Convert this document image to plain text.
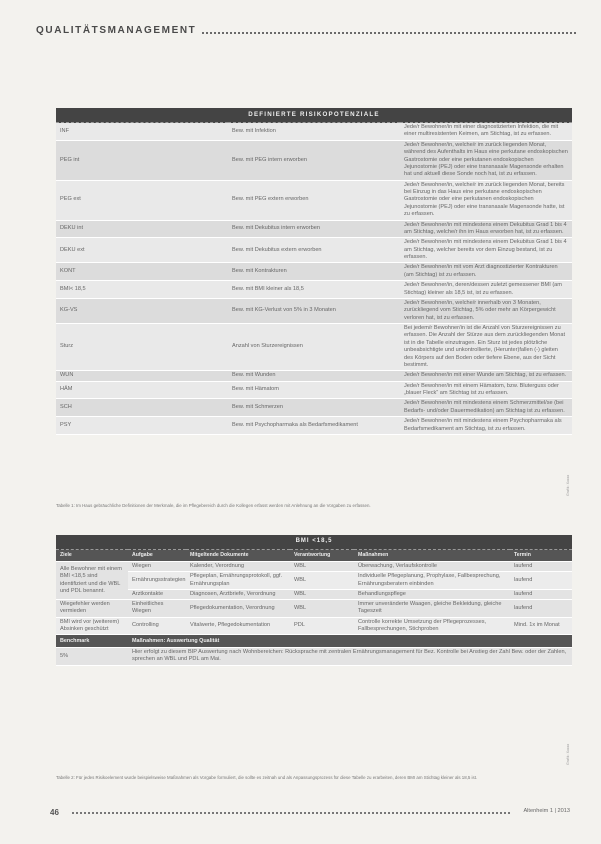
QUALITÄTSMANAGEMENT
DEFINIERTE RISIKOPOTENZIALE		
INF	Bew. mit Infektion	Jede/r Bewohner/in mit einer diagnostizierten Infektion, die mit einer multiresistenten Keimen, am Stichtag, ist zu erfassen.
PEG int	Bew. mit PEG intern erworben	Jede/r Bewohner/in, welche/r im zurück liegenden Monat, während des Aufenthalts im Haus eine perkutane endoskopischen Gastrostomie oder eine perkutanen endoskopischen Jejunostomie (PEJ) oder eine transnasale Magensonde erhalten hat und aktuell diese Sonde noch hat, ist zu erfassen.
PEG ext	Bew. mit PEG extern erworben	Jede/r Bewohner/in, welche/r im zurück liegenden Monat, bereits bei Einzug in das Haus eine perkutane endoskopischen Gastrostomie oder eine perkutanen endoskopischen Jejunostomie (PEJ) oder eine transnasale Magensonde hatte, ist zu erfassen.
DEKU int	Bew. mit Dekubitus intern erworben	Jede/r Bewohner/in mit mindestens einem Dekubitus Grad 1 bis 4 am Stichtag, welche/r ihn im Haus erworben hat, ist zu erfassen.
DEKU ext	Bew. mit Dekubitus extern erworben	Jede/r Bewohner/in mit mindestens einem Dekubitus Grad 1 bis 4 am Stichtag, welcher bereits vor dem Einzug bestand, ist zu erfassen.
KONT	Bew. mit Kontrakturen	Jede/r Bewohner/in mit vom Arzt diagnostizierter Kontrakturen (am Stichtag) ist zu erfassen.
BMI< 18,5	Bew. mit BMI kleiner als 18,5	Jede/r Bewohner/in, deren/dessen zuletzt gemessener BMI (am Stichtag) kleiner als 18,5 ist, ist zu erfassen.
KG-VS	Bew. mit KG-Verlust von 5% in 3 Monaten	Jede/r Bewohner/in, welche/r innerhalb von 3 Monaten, zurückliegend vom Stichtag, 5% oder mehr an Körpergewicht verloren hat, ist zu erfassen.
Sturz	Anzahl von Sturzereignissen	Bei jedem/r Bewohner/in ist die Anzahl von Sturzereignissen zu erfassen. Die Anzahl der Stürze aus dem zurückliegenden Monat ist in die Tabelle einzutragen. Ein Sturz ist jedes plötzliche unbeabsichtigte und unkontrollierte, (Herunter)fallen (-) gleiten des Körpers auf den Boden oder tiefere Ebene, aus der Sicht bestimmt.
WUN	Bew. mit Wunden	Jede/r Bewohner/in mit einer Wunde am Stichtag, ist zu erfassen.
HÄM	Bew. mit Hämatom	Jede/r Bewohner/in mit einem Hämatom, bzw. Bluterguss oder „blauer Fleck“ am Stichtag ist zu erfassen.
SCH	Bew. mit Schmerzen	Jede/r Bewohner/in mit mindestens einem Schmerzmittel/se (bei Bedarfs- und/oder Dauermedikation) am Stichtag ist zu erfassen.
PSY	Bew. mit Psychopharmaka als Bedarfsmedikament	Jede/r Bewohner/in mit mindestens einem Psychopharmaka als Bedarfsmedikament am Stichtag, ist zu erfassen.
Tabelle 1: Im Haus gebräuchliche Definitionen der Merkmale, die im Pflegebereich durch die Kollegen erfasst werden mit Anlehnung an die Vorgaben zu erfassen.
Grafik: Xxxxx
BMI <18,5					
Ziele	Aufgabe	Mitgeltende Dokumente	Verantwortung	Maßnahmen	Termin
Alle Bewohner mit einem BMI <18,5 sind identifiziert und die WBL und PDL benannt.	Wiegen	Kalender, Verordnung	WBL	Überwachung, Verlaufskontrolle	laufend
	Ernährungsstrategien	Pflegeplan, Ernährungsprotokoll, ggf. Ernährungsplan	WBL	Individuelle Pflegeplanung, Prophylaxe, Fallbesprechung, Ernährungsberatern einbinden	laufend
	Arztkontakte	Diagnosen, Arztbriefe, Verordnung	WBL	Behandlungspflege	laufend
Wiegefehler werden vermieden	Einheitliches Wiegen	Pflegedokumentation, Verordnung	WBL	Immer unveränderte Waagen, gleiche Bekleidung, gleiche Tageszeit	laufend
BMI wird vor (weiterem) Absinken geschützt	Controlling	Vitalwerte, Pflegedokumentation	PDL	Controlle korrekte Umsetzung der Pflegeprozesses, Fallbesprechungen, Stichproben	Mind. 1x im Monat
Benchmark	Maßnahmen: Auswertung Qualität				
5%	Hier erfolgt zu diesem BIP Auswertung nach Wohnbereichen: Rücksprache mit zentralen Ernährungsmanagement für Bez. Kontrolle bei Anstieg der Zahl Bew. oder der Zahlen, sprechen an WBL und PDL am Mai.				
Tabelle 2: Für jedes Risikoelement wurde beispielsweise Maßnahmen als Vorgabe formuliert, die sollte es zeitnah und als Anpassungsprozess für diese Tabelle zu erarbeiten, deren BMI am Stichtag kleiner als 18,5 ist.
Grafik: Xxxxx
46	Altenheim 1 | 2013
